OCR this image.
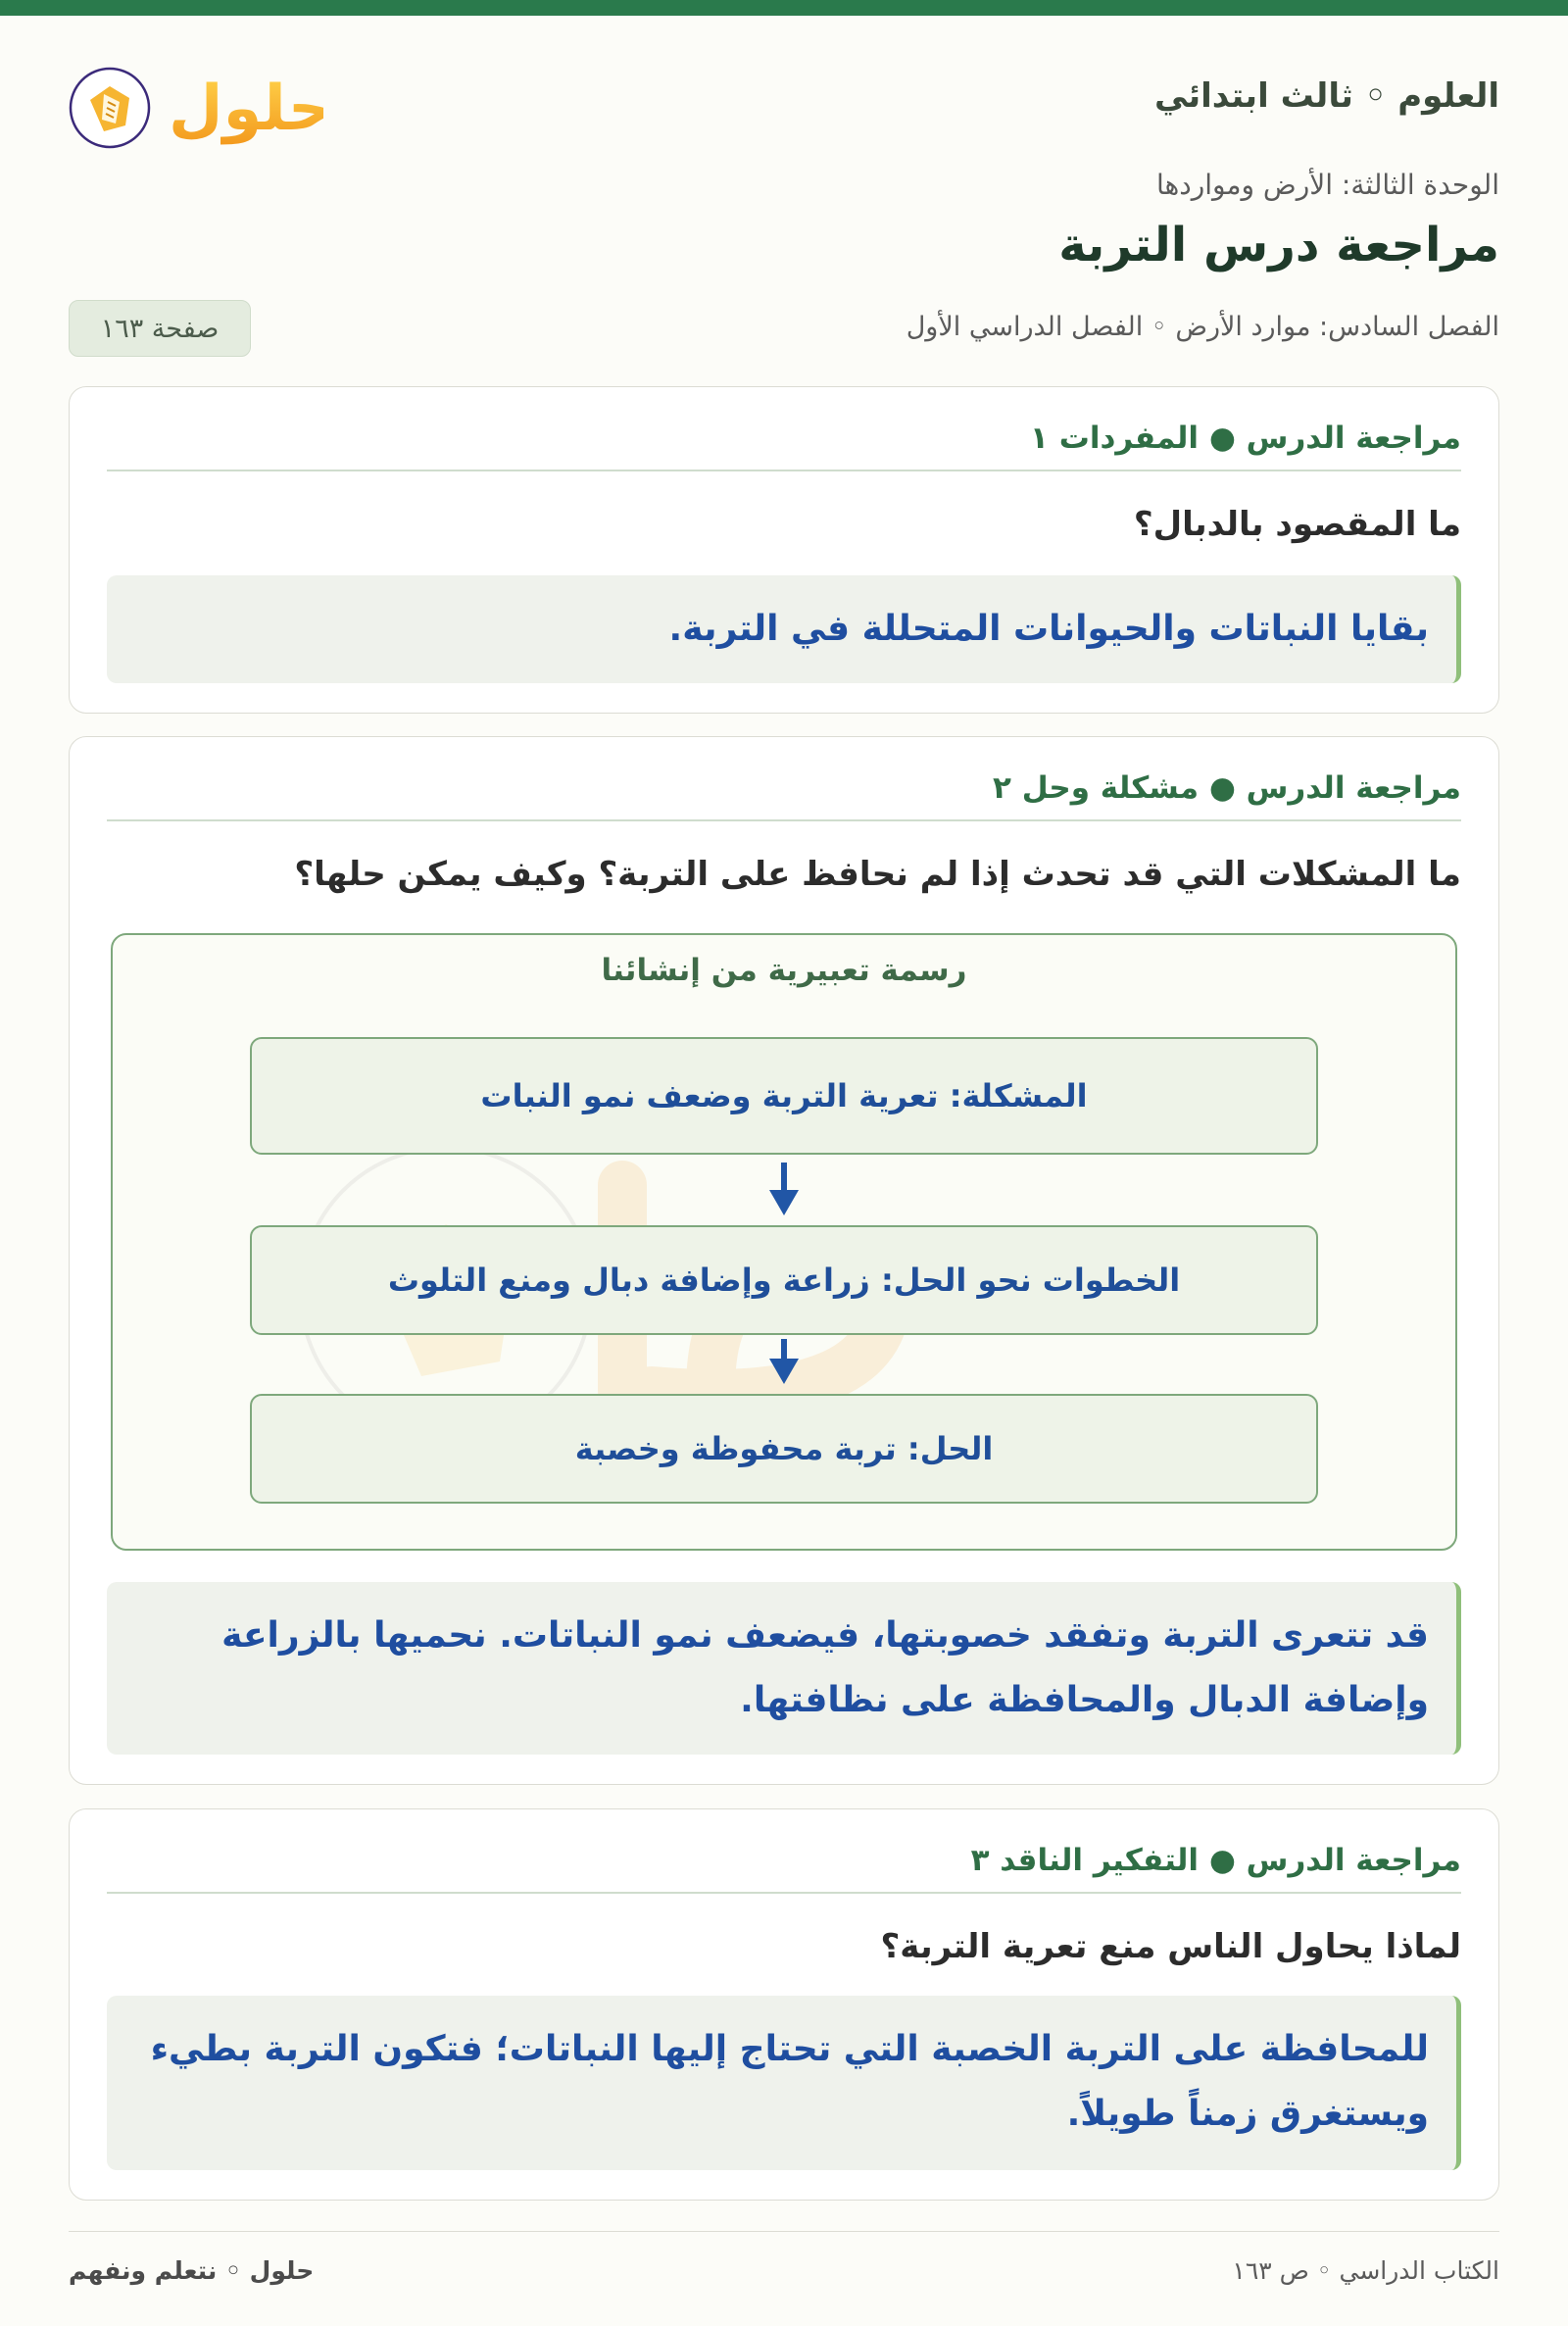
العلوم ◦ ثالث ابتدائي
حلول
الوحدة الثالثة: الأرض ومواردها
مراجعة درس التربة
الفصل السادس: موارد الأرض ◦ الفصل الدراسي الأول
صفحة ١٦٣
مراجعة الدرس ● المفردات ١
ما المقصود بالدبال؟
بقايا النباتات والحيوانات المتحللة في التربة.
مراجعة الدرس ● مشكلة وحل ٢
ما المشكلات التي قد تحدث إذا لم نحافظ على التربة؟ وكيف يمكن حلها؟
رسمة تعبيرية من إنشائنا
المشكلة: تعرية التربة وضعف نمو النبات
الخطوات نحو الحل: زراعة وإضافة دبال ومنع التلوث
الحل: تربة محفوظة وخصبة
قد تتعرى التربة وتفقد خصوبتها، فيضعف نمو النباتات. نحميها بالزراعة وإضافة الدبال والمحافظة على نظافتها.
مراجعة الدرس ● التفكير الناقد ٣
لماذا يحاول الناس منع تعرية التربة؟
للمحافظة على التربة الخصبة التي تحتاج إليها النباتات؛ فتكون التربة بطيء ويستغرق زمناً طويلاً.
الكتاب الدراسي ◦ ص ١٦٣
حلول ◦ نتعلم ونفهم
